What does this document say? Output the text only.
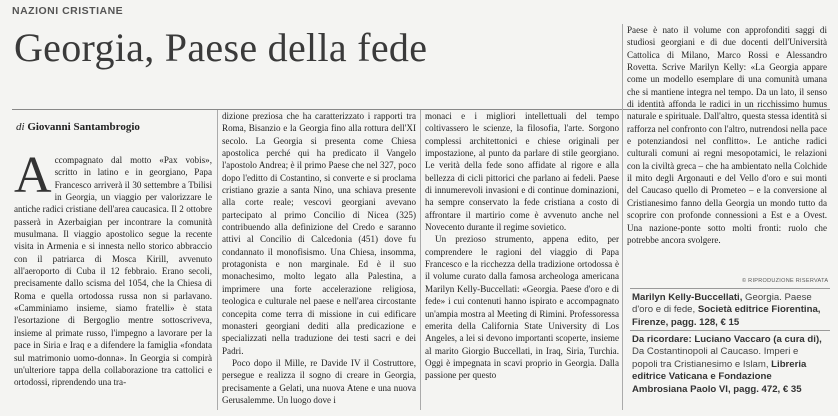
NAZIONI CRISTIANE
Georgia, Paese della fede
di Giovanni Santambrogio

A ccompagnato dal motto «Pax vobis», scritto in latino e in georgiano, Papa Francesco arriverà il 30 settembre a Tbilisi in Georgia, un viaggio per valorizzare le antiche radici cristiane dell'area caucasica. Il 2 ottobre passerà in Azerbaigian per incontrare la comunità musulmana. Il viaggio apostolico segue la recente visita in Armenia e si innesta nello storico abbraccio con il patriarca di Mosca Kirill, avvenuto all'aeroporto di Cuba il 12 febbraio. Erano secoli, precisamente dallo scisma del 1054, che la Chiesa di Roma e quella ortodossa russa non si parlavano. «Camminiamo insieme, siamo fratelli» è stata l'esortazione di Bergoglio mentre sottoscriveva, insieme al primate russo, l'impegno a lavorare per la pace in Siria e Iraq e a difendere la famiglia «fondata sul matrimonio uomo-donna». In Georgia si compirà un'ulteriore tappa della collaborazione tra cattolici e ortodossi, riprendendo una tra-

dizione preziosa che ha caratterizzato i rapporti tra Roma, Bisanzio e la Georgia fino alla rottura dell'XI secolo. La Georgia si presenta come Chiesa apostolica perché qui ha predicato il Vangelo l'apostolo Andrea; è il primo Paese che nel 327, poco dopo l'editto di Costantino, si converte e si proclama cristiano grazie a santa Nino, una schiava presente alla corte reale; vescovi georgiani avevano partecipato al primo Concilio di Nicea (325) contribuendo alla definizione del Credo e saranno attivi al Concilio di Calcedonia (451) dove fu condannato il monofisismo. Una Chiesa, insomma, protagonista e non marginale. Ed è il suo monachesimo, molto legato alla Palestina, a imprimere una forte accelerazione religiosa, teologica e culturale nel paese e nell'area circostante concepita come terra di missione in cui edificare monasteri georgiani dediti alla predicazione e specializzati nella traduzione dei testi sacri e dei Padri.

Poco dopo il Mille, re Davide IV il Costruttore, persegue e realizza il sogno di creare in Georgia, precisamente a Gelati, una nuova Atene e una nuova Gerusalemme. Un luogo dove i

monaci e i migliori intellettuali del tempo coltivassero le scienze, la filosofia, l'arte. Sorgono complessi architettonici e chiese originali per impostazione, al punto da parlare di stile georgiano. Le verità della fede sono affidate al rigore e alla bellezza di cicli pittorici che parlano ai fedeli. Paese di innumerevoli invasioni e di continue dominazioni, ha sempre conservato la fede cristiana a costo di affrontare il martirio come è avvenuto anche nel Novecento durante il regime sovietico.

Un prezioso strumento, appena edito, per comprendere le ragioni del viaggio di Papa Francesco e la ricchezza della tradizione ortodossa è il volume curato dalla famosa archeologa americana Marilyn Kelly-Buccellati: «Georgia. Paese d'oro e di fede» i cui contenuti hanno ispirato e accompagnato un'ampia mostra al Meeting di Rimini. Professoressa emerita della California State University di Los Angeles, a lei si devono importanti scoperte, insieme al marito Giorgio Buccellati, in Iraq, Siria, Turchia. Oggi è impegnata in scavi proprio in Georgia. Dalla passione per questo

Paese è nato il volume con approfonditi saggi di studiosi georgiani e di due docenti dell'Università Cattolica di Milano, Marco Rossi e Alessandro Rovetta. Scrive Marilyn Kelly: «La Georgia appare come un modello esemplare di una comunità umana che si mantiene integra nel tempo. Da un lato, il senso di identità affonda le radici in un ricchissimo humus naturale e spirituale. Dall'altro, questa stessa identità si rafforza nel confronto con l'altro, nutrendosi nella pace e potenziandosi nel conflitto». Le antiche radici culturali comuni ai regni mesopotamici, le relazioni con la civiltà greca – che ha ambientato nella Colchide il mito degli Argonauti e del Vello d'oro e sui monti del Caucaso quello di Prometeo – e la conversione al Cristianesimo fanno della Georgia un mondo tutto da scoprire con profonde connessioni a Est e a Ovest. Una nazione-ponte sotto molti fronti: ruolo che potrebbe ancora svolgere.

© RIPRODUZIONE RISERVATA
Marilyn Kelly-Buccellati, Georgia. Paese d'oro e di fede, Società editrice Fiorentina, Firenze, pagg. 128, € 15
Da ricordare: Luciano Vaccaro (a cura di), Da Costantinopoli al Caucaso. Imperi e popoli tra Cristianesimo e Islam, Libreria editrice Vaticana e Fondazione Ambrosiana Paolo VI, pagg. 472, € 35
